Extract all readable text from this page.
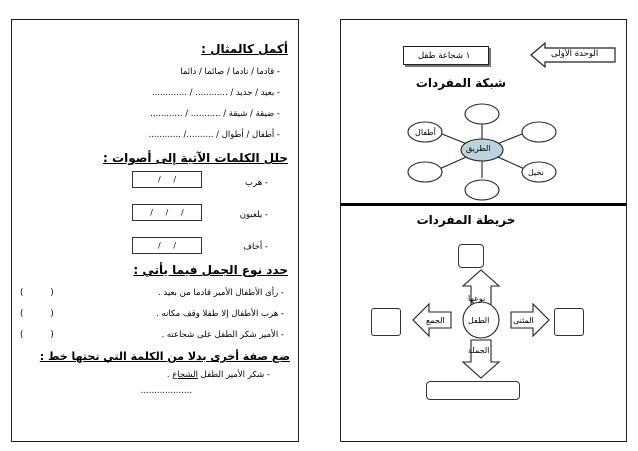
أكمل كالمثال :
- قادما / نادما / صائما / دائما
- بعيد / جديد / ............ / .............
- ضيقة / شيقة / ........... / ............
- أطفال / أطوال / ........../ ............
حلل الكلمات الآتية إلى أصوات :
- هرب
/     /
- يلعبون
/     /     /
- أخاف
/     /
حدد نوع الجمل فيما يأتي :
- رأى الأطفال الأمير قادما من بعيد .
(          )
- هرب الأطفال إلا طفلا وقف مكانه .
(          )
- الأمير شكر الطفل على شجاعته .
(          )
ضع صفة أخرى بدلا من الكلمة التي تحتها خط :
- شكر الأمير الطفل الشجاع .
...................
الوحدة الأولى
١ شجاعة طفل
شبكة المفردات
الطريق
أطفال
نخيل
خريطة المفردات
نوعها
الطفل
الجمع	المثنى
الجملة
